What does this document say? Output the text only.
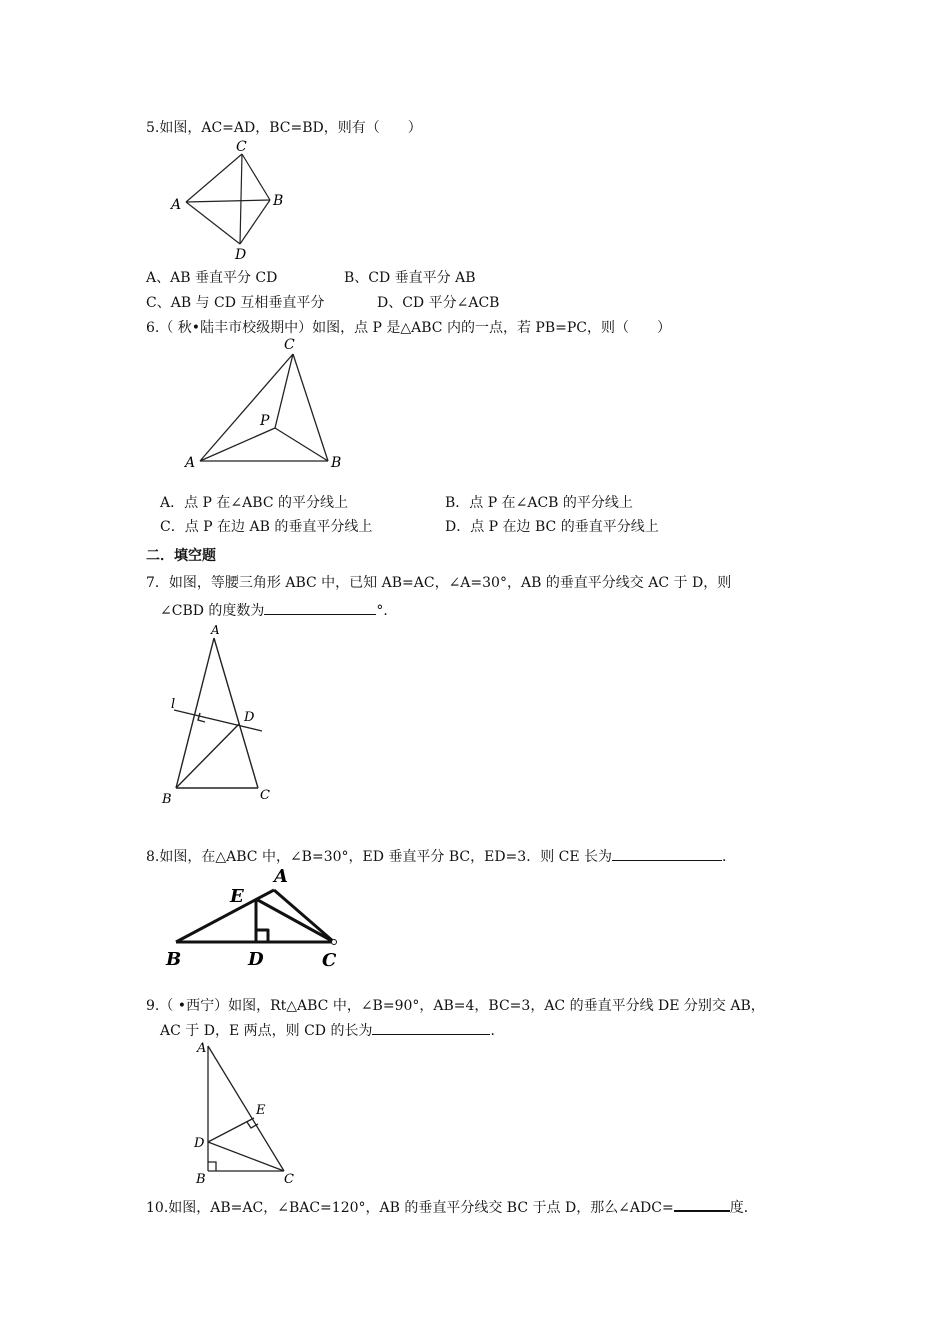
5.如图，AC=AD，BC=BD，则有（　　）
C
A	B
D
A、AB 垂直平分 CD	B、CD 垂直平分 AB
C、AB 与 CD 互相垂直平分	D、CD 平分∠ACB
6.（ 秋•陆丰市校级期中）如图，点 P 是△ABC 内的一点，若 PB=PC，则（　　）
C
P
A	B
A．点 P 在∠ABC 的平分线上	B．点 P 在∠ACB 的平分线上
C．点 P 在边 AB 的垂直平分线上	D．点 P 在边 BC 的垂直平分线上
二．填空题
7．如图，等腰三角形 ABC 中，已知 AB=AC，∠A=30°，AB 的垂直平分线交 AC 于 D，则
∠CBD 的度数为	°．
A
l
D
B	C
8.如图，在△ABC 中，∠B=30°，ED 垂直平分 BC，ED=3．则 CE 长为	．
E
A
B	D	C
9.（ •西宁）如图，Rt△ABC 中，∠B=90°，AB=4，BC=3，AC 的垂直平分线 DE 分别交 AB，
AC 于 D，E 两点，则 CD 的长为	．
A
E
D
B	C
10.如图，AB=AC，∠BAC=120°，AB 的垂直平分线交 BC 于点 D，那么∠ADC=	度．
